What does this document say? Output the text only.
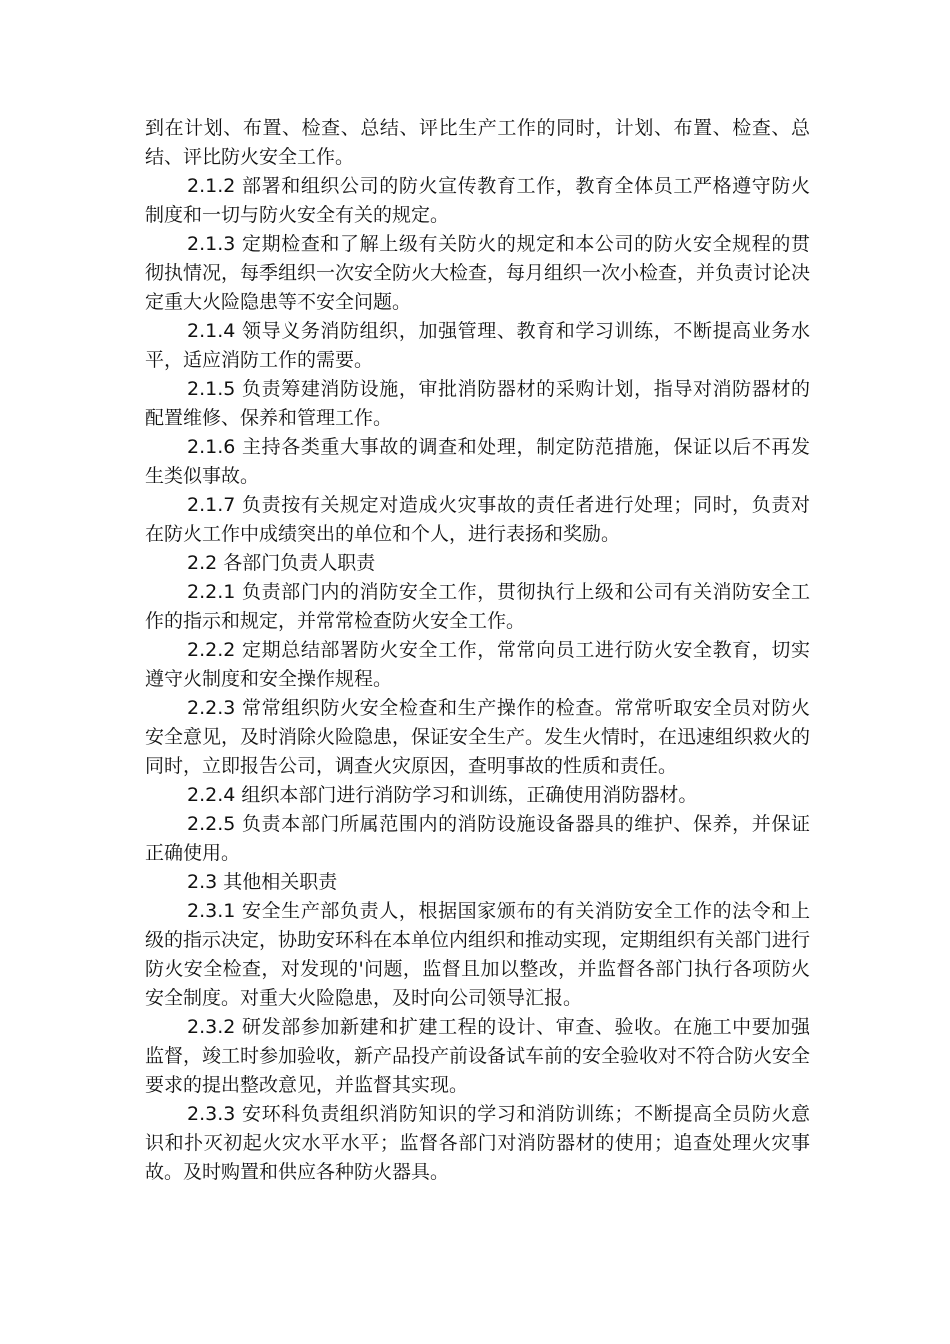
到在计划、布置、检查、总结、评比生产工作的同时，计划、布置、检查、总结、评比防火安全工作。

2.1.2 部署和组织公司的防火宣传教育工作，教育全体员工严格遵守防火制度和一切与防火安全有关的规定。

2.1.3 定期检查和了解上级有关防火的规定和本公司的防火安全规程的贯彻执情况，每季组织一次安全防火大检查，每月组织一次小检查，并负责讨论决定重大火险隐患等不安全问题。

2.1.4 领导义务消防组织，加强管理、教育和学习训练，不断提高业务水平，适应消防工作的需要。

2.1.5 负责筹建消防设施，审批消防器材的采购计划，指导对消防器材的配置维修、保养和管理工作。

2.1.6 主持各类重大事故的调查和处理，制定防范措施，保证以后不再发生类似事故。

2.1.7 负责按有关规定对造成火灾事故的责任者进行处理；同时，负责对在防火工作中成绩突出的单位和个人，进行表扬和奖励。

2.2 各部门负责人职责

2.2.1 负责部门内的消防安全工作，贯彻执行上级和公司有关消防安全工 作的指示和规定，并常常检查防火安全工作。

2.2.2 定期总结部署防火安全工作，常常向员工进行防火安全教育，切实遵守火制度和安全操作规程。

2.2.3 常常组织防火安全检查和生产操作的检查。常常听取安全员对防火安全意见，及时消除火险隐患，保证安全生产。发生火情时，在迅速组织救火的同时，立即报告公司，调查火灾原因，查明事故的性质和责任。

2.2.4 组织本部门进行消防学习和训练，正确使用消防器材。

2.2.5 负责本部门所属范围内的消防设施设备器具的维护、保养，并保证正确使用。

2.3 其他相关职责

2.3.1 安全生产部负责人，根据国家颁布的有关消防安全工作的法令和上级的指示决定，协助安环科在本单位内组织和推动实现，定期组织有关部门进行防火安全检查，对发现的'问题，监督且加以整改，并监督各部门执行各项防火安全制度。对重大火险隐患，及时向公司领导汇报。

2.3.2 研发部参加新建和扩建工程的设计、审查、验收。在施工中要加强监督，竣工时参加验收，新产品投产前设备试车前的安全验收对不符合防火安全要求的提出整改意见，并监督其实现。

2.3.3 安环科负责组织消防知识的学习和消防训练；不断提高全员防火意识和扑灭初起火灾水平水平；监督各部门对消防器材的使用；追查处理火灾事故。及时购置和供应各种防火器具。
